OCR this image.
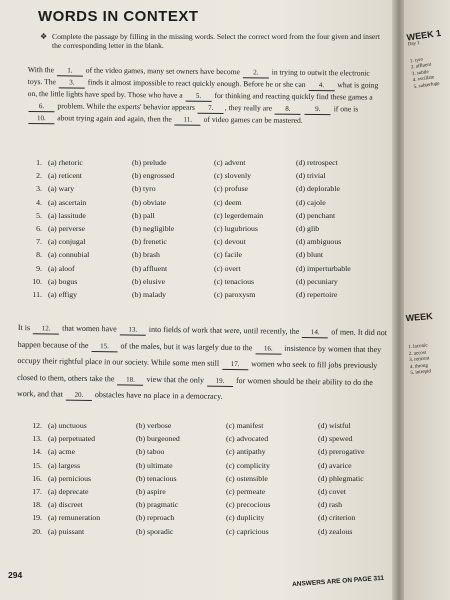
WORDS IN CONTEXT
❖ Complete the passage by filling in the missing words. Select the correct word from the four given and insert the corresponding letter in the blank.
With the 1. of the video games, many set owners have become 2. in trying to outwit the electronic toys. The 3. finds it almost impossible to react quickly enough. Before he or she can 4. what is going on, the little lights have sped by. Those who have a 5. for thinking and reacting quickly find these games a 6. problem. While the experts' behavior appears 7. , they really are 8.	9. if one is 10. about trying again and again, then the 11. of video games can be mastered.
1. (a) rhetoric	(b) prelude	(c) advent	(d) retrospect
2. (a) reticent	(b) engrossed	(c) slovenly	(d) trivial
3. (a) wary	(b) tyro	(c) profuse	(d) deplorable
4. (a) ascertain	(b) obviate	(c) deem	(d) cajole
5. (a) lassitude	(b) pall	(c) legerdemain	(d) penchant
6. (a) perverse	(b) negligible	(c) lugubrious	(d) glib
7. (a) conjugal	(b) frenetic	(c) devout	(d) ambiguous
8. (a) connubial	(b) brash	(c) facile	(d) blunt
9. (a) aloof	(b) affluent	(c) overt	(d) imperturbable
10. (a) bogus	(b) elusive	(c) tenacious	(d) pecuniary
11. (a) effigy	(b) malady	(c) paroxysm	(d) repertoire
It is 12. that women have 13. into fields of work that were, until recently, the 14. of men. It did not happen because of the 15. of the males, but it was largely due to the 16. insistence by women that they occupy their rightful place in our society. While some men still 17. women who seek to fill jobs previously closed to them, others take the 18. view that the only 19. for women should be their ability to do the work, and that 20. obstacles have no place in a democracy.
12. (a) unctuous	(b) verbose	(c) manifest	(d) wistful
13. (a) perpetuated	(b) burgeoned	(c) advocated	(d) spewed
14. (a) acme	(b) taboo	(c) antipathy	(d) prerogative
15. (a) largess	(b) ultimate	(c) complicity	(d) avarice
16. (a) pernicious	(b) tenacious	(c) ostensible	(d) phlegmatic
17. (a) deprecate	(b) aspire	(c) permeate	(d) covet
18. (a) discreet	(b) pragmatic	(c) precocious	(d) rash
19. (a) remuneration	(b) reproach	(c) duplicity	(d) criterion
20. (a) puissant	(b) sporadic	(c) capricious	(d) zealous
294	ANSWERS ARE ON PAGE 311
WEEK 1
Day 1
1. tyro
2. affluent
3. subtle
4. oscillate
5. subterfuge
WEEK
1. laconic
2. accost
3. reticent
4. throng
5. intrepid
